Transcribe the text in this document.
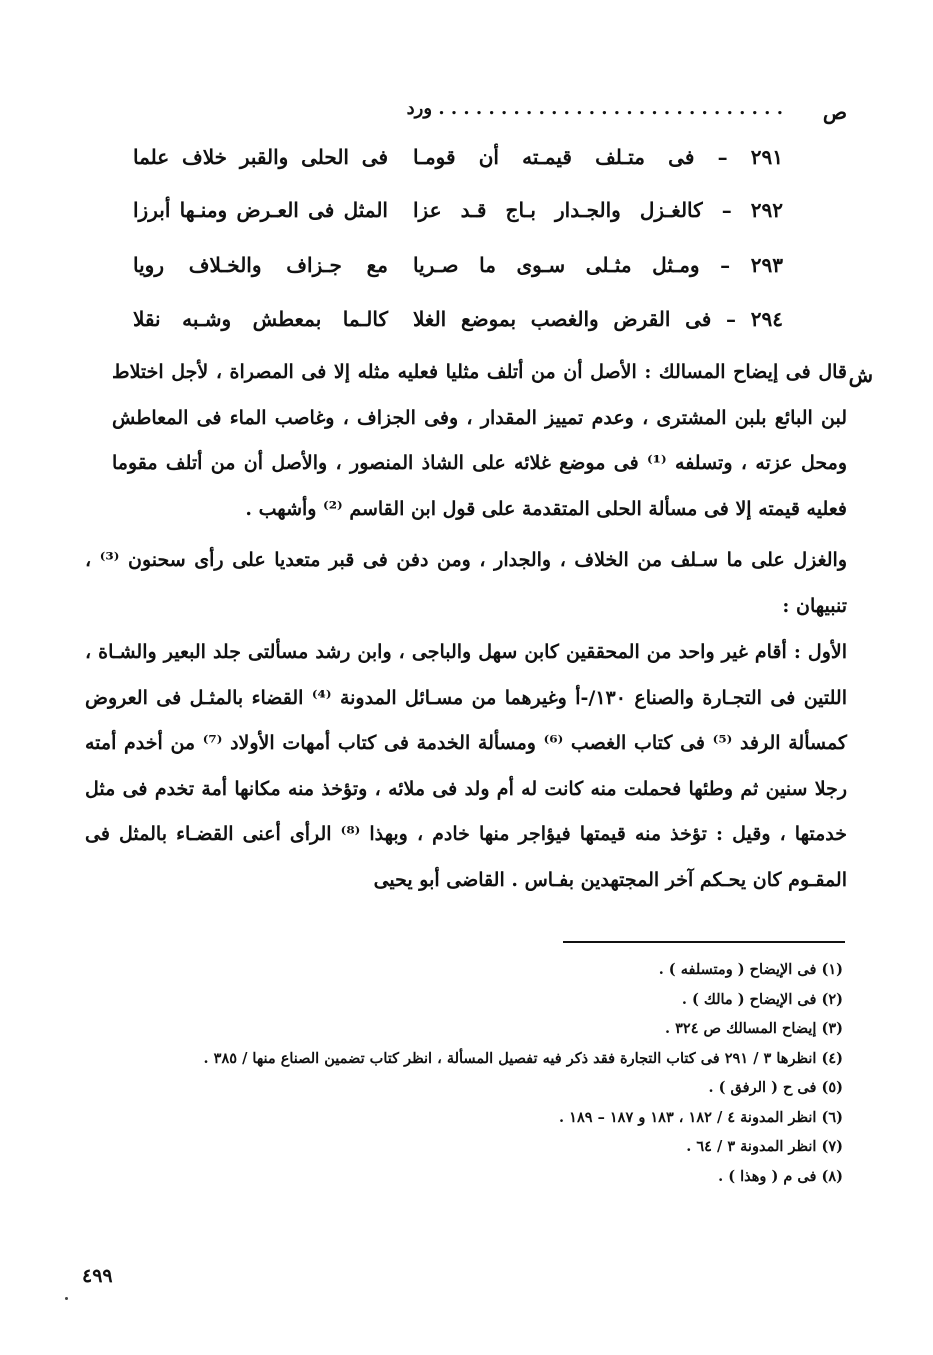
ص
. . . . . . . . . . . . . . . . . . . . . . . . . . . . ورد
٢٩١ – فى متـلف قيمـته أن قومـا
فى الحلى والقبر خلاف علما
٢٩٢ – كالغـزل والجـدار بـاج قـد عزا
المثل فى العـرض ومنـها أبرزا
٢٩٣ – ومـثل مثـلى سـوى ما صـريا
مع جـزاف والخـلاف رويا
٢٩٤ – فى القرض والغصب بموضع الغلا
كالـما بمعطش وشـبه نقلا
ش
قال فى إيضاح المسالك : الأصل أن من أتلف مثليا فعليه مثله إلا فى المصراة ، لأجل اختلاط لبن البائع بلبن المشترى ، وعدم تمييز المقدار ، وفى الجزاف ، وغاصب الماء فى المعاطش ومحل عزته ، وتسلفه ⁽¹⁾ فى موضع غلائه على الشاذ المنصور ، والأصل أن من أتلف مقوما فعليه قيمته إلا فى مسألة الحلى المتقدمة على قول ابن القاسم ⁽²⁾ وأشهب .
والغزل على ما سـلف من الخلاف ، والجدار ، ومن دفن فى قبر متعديا على رأى سحنون ⁽³⁾ ، تنبيهان :
الأول : أقام غير واحد من المحققين كابن سهل والباجى ، وابن رشد مسألتى جلد البعير والشـاة ، اللتين فى التجـارة والصناع ١٣٠/-أ وغيرهما من مسـائل المدونة ⁽⁴⁾ القضاء بالمثـل فى العروض كمسألة الرفد ⁽⁵⁾ فى كتاب الغصب ⁽⁶⁾ ومسألة الخدمة فى كتاب أمهات الأولاد ⁽⁷⁾ من أخدم أمته رجلا سنين ثم وطئها فحملت منه كانت له أم ولد فى ملائه ، وتؤخذ منه مكانها أمة تخدم فى مثل خدمتها ، وقيل : تؤخذ منه قيمتها فيؤاجر منها خادم ، وبهذا ⁽⁸⁾ الرأى أعنى القضـاء بالمثل فى المقـوم كان يحـكم آخر المجتهدين بفـاس . القاضى أبو يحيى
(١) فى الإيضاح ( ومتسلفه ) .
(٢) فى الإيضاح ( مالك ) .
(٣) إيضاح المسالك ص ٣٢٤ .
(٤) انظرها ٣ / ٢٩١ فى كتاب التجارة فقد ذكر فيه تفصيل المسألة ، انظر كتاب تضمين الصناع منها / ٣٨٥ .
(٥) فى ح ( الرفق ) .
(٦) انظر المدونة ٤ / ١٨٢ ، ١٨٣ و ١٨٧ – ١٨٩ .
(٧) انظر المدونة ٣ / ٦٤ .
(٨) فى م ( وهذا ) .
٤٩٩
